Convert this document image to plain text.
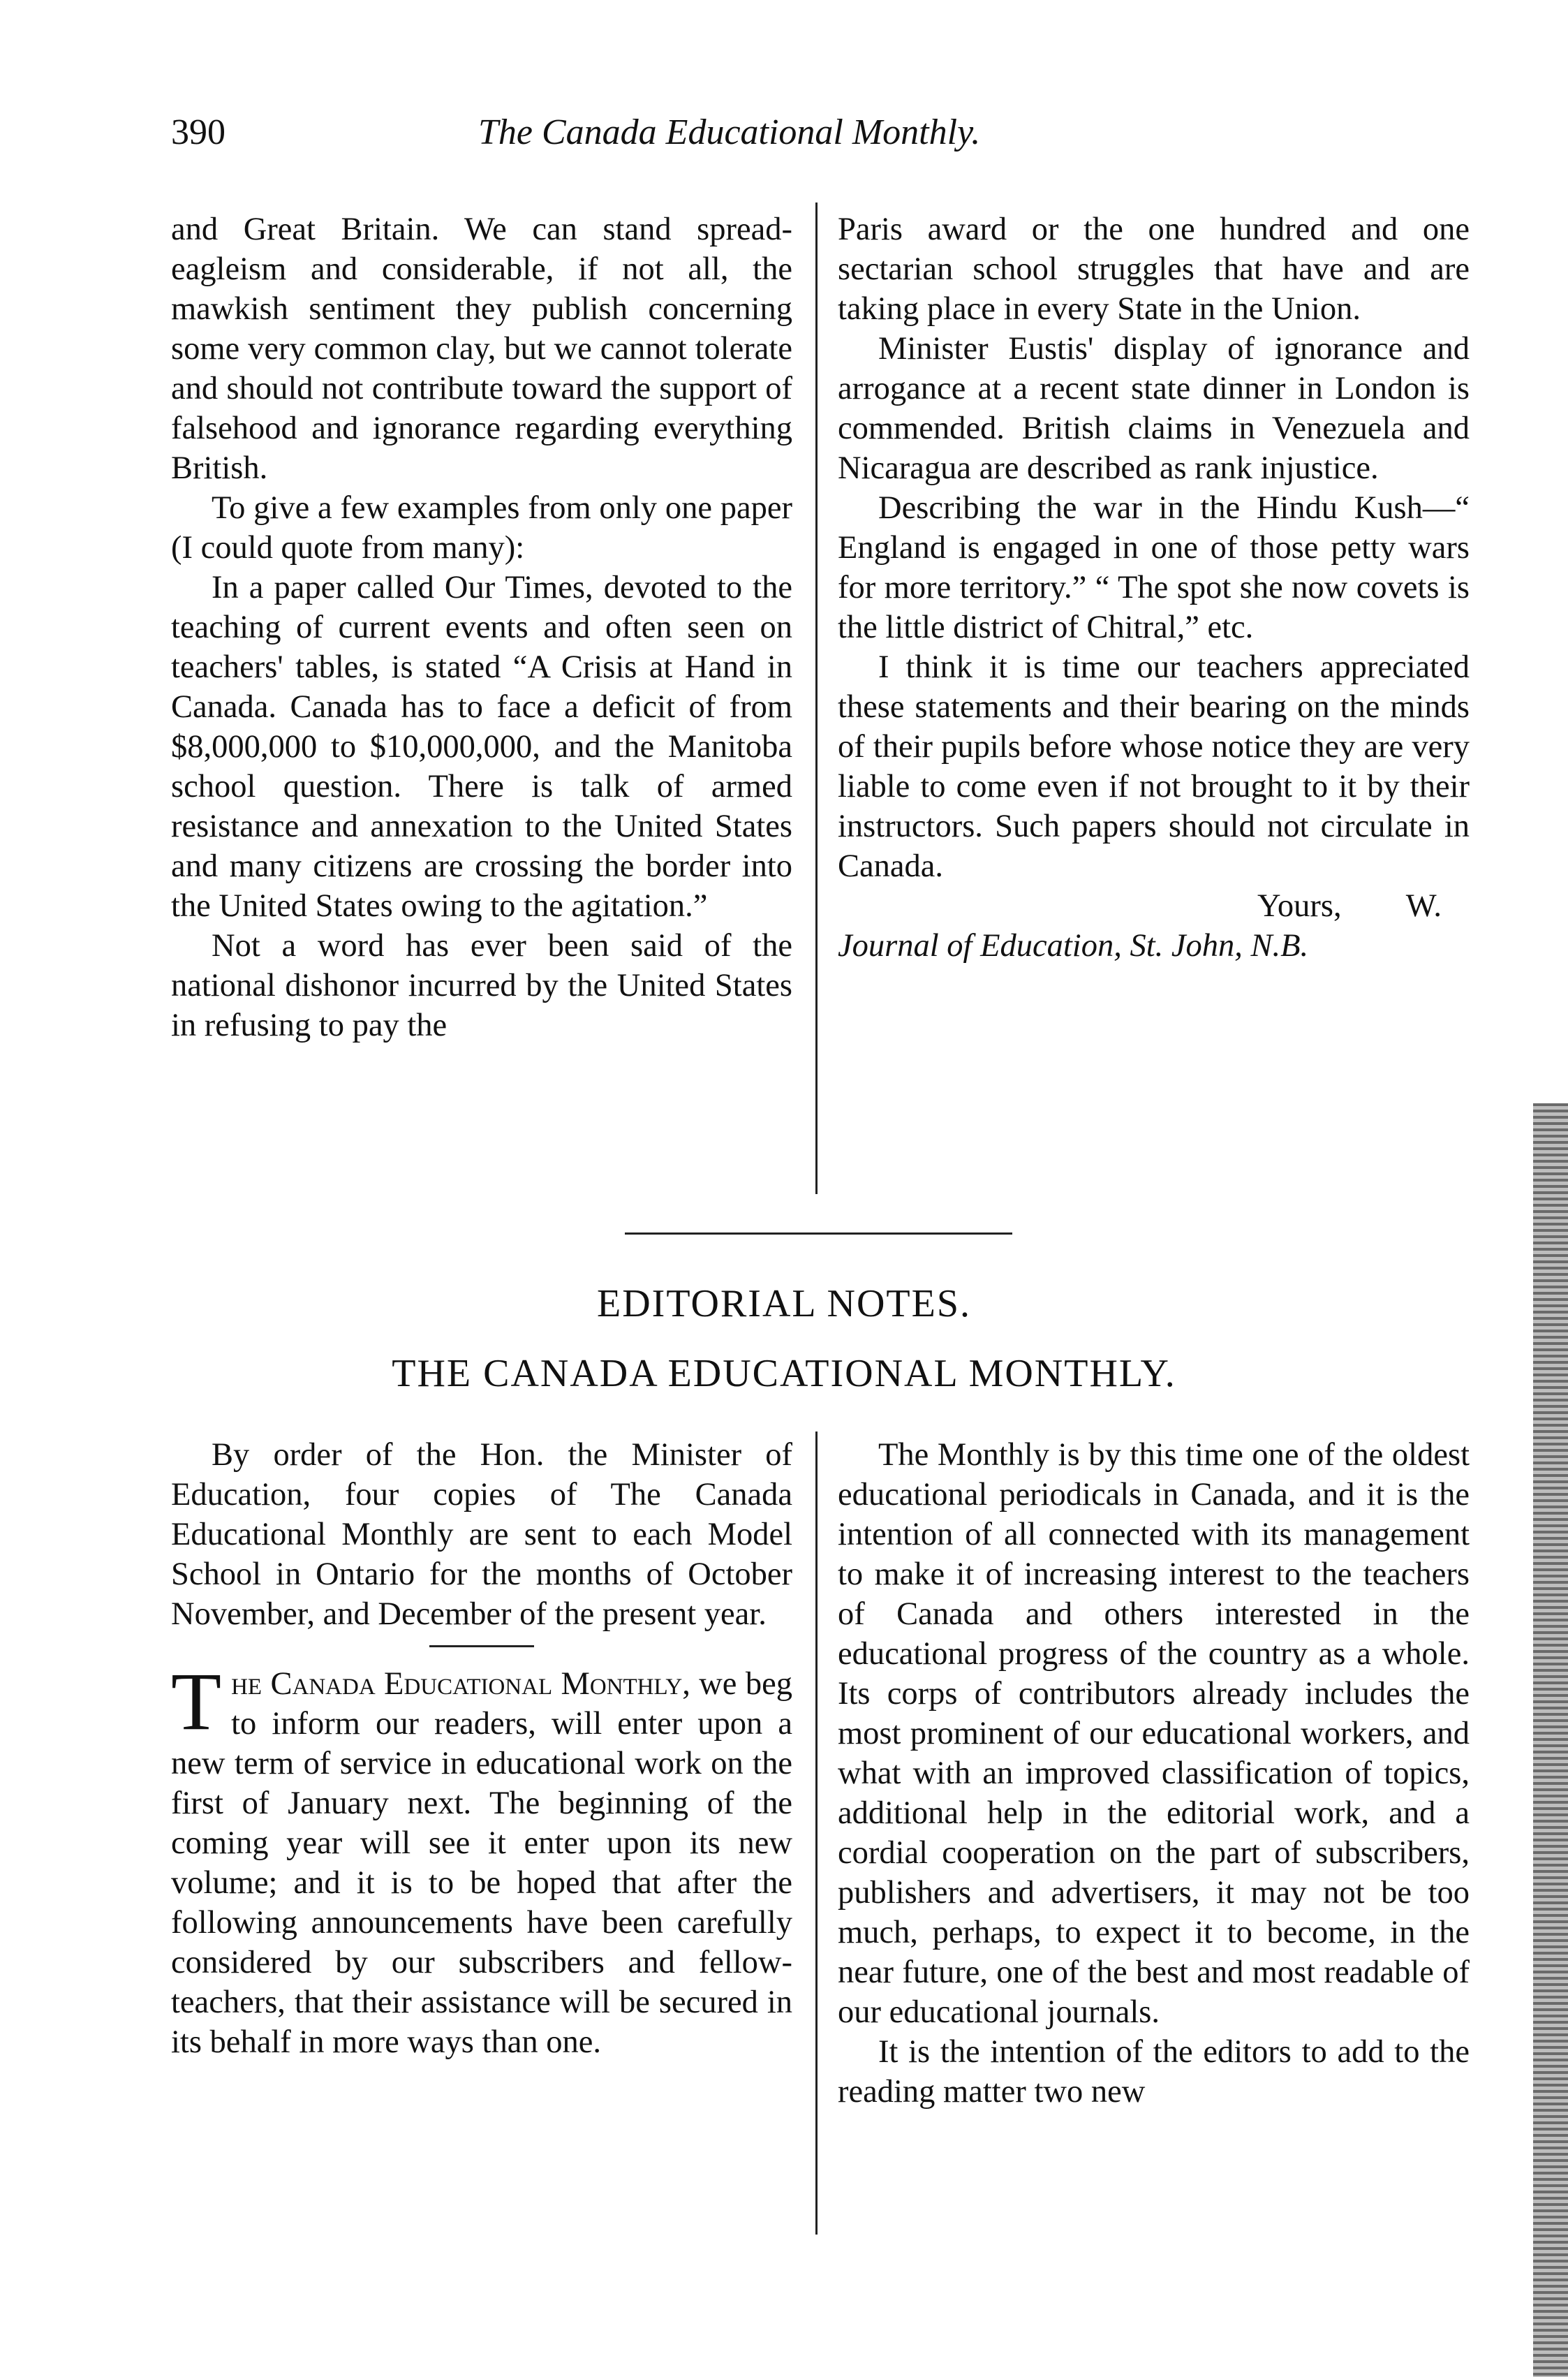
390	The Canada Educational Monthly.

and Great Britain. We can stand spread-eagleism and considerable, if not all, the mawkish sentiment they publish concerning some very common clay, but we cannot tolerate and should not contribute toward the support of falsehood and ignorance regarding everything British.

To give a few examples from only one paper (I could quote from many):

In a paper called Our Times, devoted to the teaching of current events and often seen on teachers' tables, is stated “A Crisis at Hand in Canada. Canada has to face a deficit of from $8,000,000 to $10,000,000, and the Manitoba school question. There is talk of armed resistance and annexation to the United States and many citizens are crossing the border into the United States owing to the agitation.”

Not a word has ever been said of the national dishonor incurred by the United States in refusing to pay the

Paris award or the one hundred and one sectarian school struggles that have and are taking place in every State in the Union.

Minister Eustis' display of ignorance and arrogance at a recent state dinner in London is commended. British claims in Venezuela and Nicaragua are described as rank injustice.

Describing the war in the Hindu Kush—“ England is engaged in one of those petty wars for more territory.” “ The spot she now covets is the little district of Chitral,” etc.

I think it is time our teachers appreciated these statements and their bearing on the minds of their pupils before whose notice they are very liable to come even if not brought to it by their instructors. Such papers should not circulate in Canada.

Yours,        W.

Journal of Education, St. John, N.B.

EDITORIAL NOTES.
THE CANADA EDUCATIONAL MONTHLY.

By order of the Hon. the Minister of Education, four copies of The Canada Educational Monthly are sent to each Model School in Ontario for the months of October November, and December of the present year.

The Canada Educational Monthly, we beg to inform our readers, will enter upon a new term of service in educational work on the first of January next. The beginning of the coming year will see it enter upon its new volume; and it is to be hoped that after the following announcements have been carefully considered by our subscribers and fellow-teachers, that their assistance will be secured in its behalf in more ways than one.

The Monthly is by this time one of the oldest educational periodicals in Canada, and it is the intention of all connected with its management to make it of increasing interest to the teachers of Canada and others interested in the educational progress of the country as a whole. Its corps of contributors already includes the most prominent of our educational workers, and what with an improved classification of topics, additional help in the editorial work, and a cordial cooperation on the part of subscribers, publishers and advertisers, it may not be too much, perhaps, to expect it to become, in the near future, one of the best and most readable of our educational journals.

It is the intention of the editors to add to the reading matter two new
